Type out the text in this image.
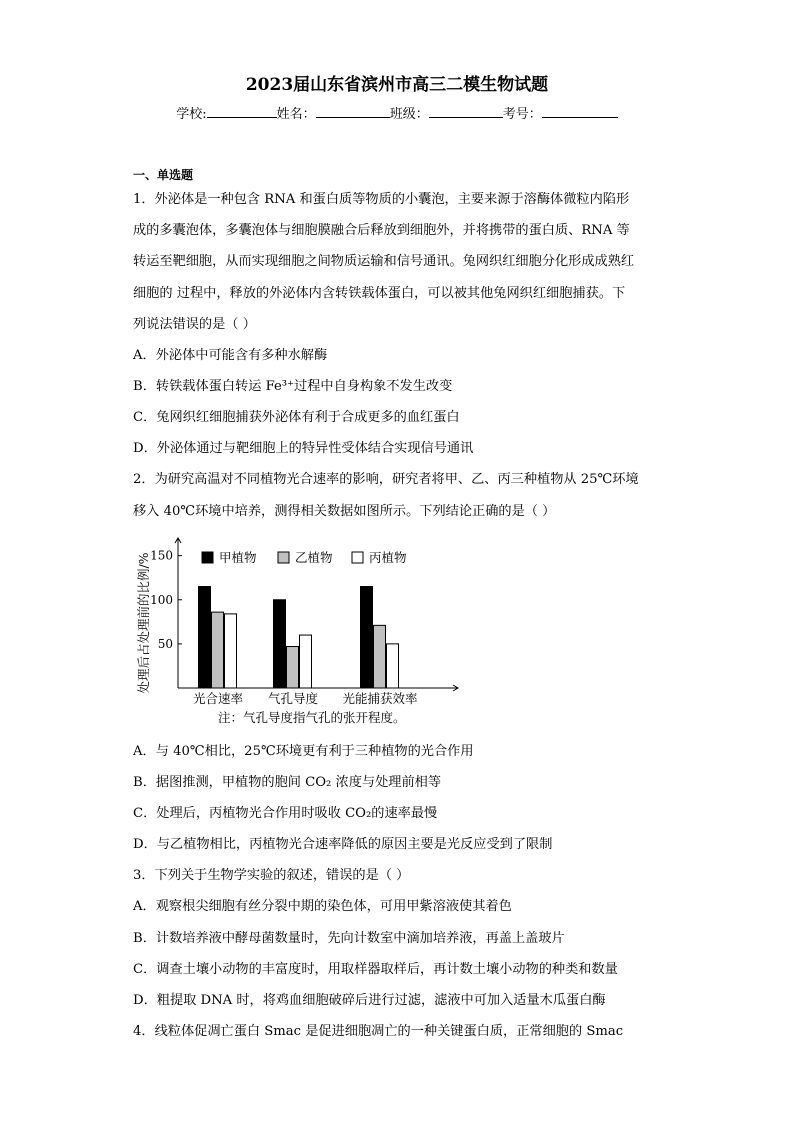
2023届山东省滨州市高三二模生物试题
学校:	姓名：	班级：	考号：
一、单选题
1．外泌体是一种包含 RNA 和蛋白质等物质的小囊泡，主要来源于溶酶体微粒内陷形
成的多囊泡体，多囊泡体与细胞膜融合后释放到细胞外，并将携带的蛋白质、RNA 等
转运至靶细胞，从而实现细胞之间物质运输和信号通讯。兔网织红细胞分化形成成熟红
细胞的 过程中，释放的外泌体内含转铁载体蛋白，可以被其他兔网织红细胞捕获。下
列说法错误的是（ ）
A．外泌体中可能含有多种水解酶
B．转铁载体蛋白转运 Fe³⁺过程中自身构象不发生改变
C．兔网织红细胞捕获外泌体有利于合成更多的血红蛋白
D．外泌体通过与靶细胞上的特异性受体结合实现信号通讯
2．为研究高温对不同植物光合速率的影响，研究者将甲、乙、丙三种植物从 25℃环境
移入 40℃环境中培养，测得相关数据如图所示。下列结论正确的是（ ）
50
100
150
处理后占处理前的比例/%
光合速率 气孔导度 光能捕获效率
甲植物	乙植物	丙植物
注：气孔导度指气孔的张开程度。
A．与 40℃相比，25℃环境更有利于三种植物的光合作用
B．据图推测，甲植物的胞间 CO₂ 浓度与处理前相等
C．处理后，丙植物光合作用时吸收 CO₂的速率最慢
D．与乙植物相比，丙植物光合速率降低的原因主要是光反应受到了限制
3．下列关于生物学实验的叙述，错误的是（ ）
A．观察根尖细胞有丝分裂中期的染色体，可用甲紫溶液使其着色
B．计数培养液中酵母菌数量时，先向计数室中滴加培养液，再盖上盖玻片
C．调查土壤小动物的丰富度时，用取样器取样后，再计数土壤小动物的种类和数量
D．粗提取 DNA 时，将鸡血细胞破碎后进行过滤，滤液中可加入适量木瓜蛋白酶
4．线粒体促凋亡蛋白 Smac 是促进细胞凋亡的一种关键蛋白质，正常细胞的 Smac
